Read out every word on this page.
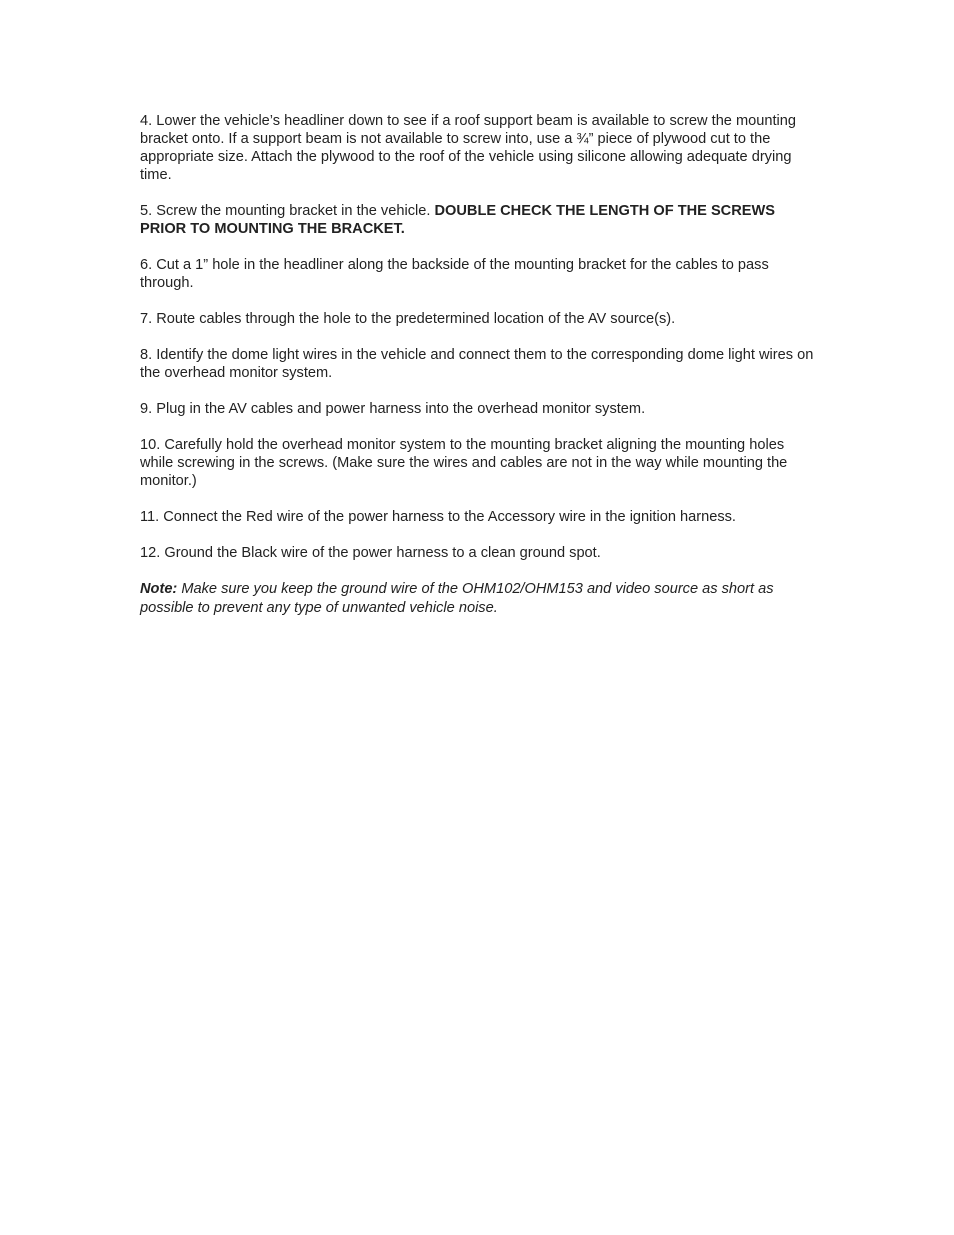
4. Lower the vehicle’s headliner down to see if a roof support beam is available to screw the mounting bracket onto. If a support beam is not available to screw into, use a ¾” piece of plywood cut to the appropriate size. Attach the plywood to the roof of the vehicle using silicone allowing adequate drying time.

5. Screw the mounting bracket in the vehicle. DOUBLE CHECK THE LENGTH OF THE SCREWS PRIOR TO MOUNTING THE BRACKET.

6. Cut a 1” hole in the headliner along the backside of the mounting bracket for the cables to pass through.

7. Route cables through the hole to the predetermined location of the AV source(s).

8. Identify the dome light wires in the vehicle and connect them to the corresponding dome light wires on the overhead monitor system.

9. Plug in the AV cables and power harness into the overhead monitor system.

10. Carefully hold the overhead monitor system to the mounting bracket aligning the mounting holes while screwing in the screws. (Make sure the wires and cables are not in the way while mounting the monitor.)

11. Connect the Red wire of the power harness to the Accessory wire in the ignition harness.

12. Ground the Black wire of the power harness to a clean ground spot.

Note: Make sure you keep the ground wire of the OHM102/OHM153 and video source as short as possible to prevent any type of unwanted vehicle noise.
